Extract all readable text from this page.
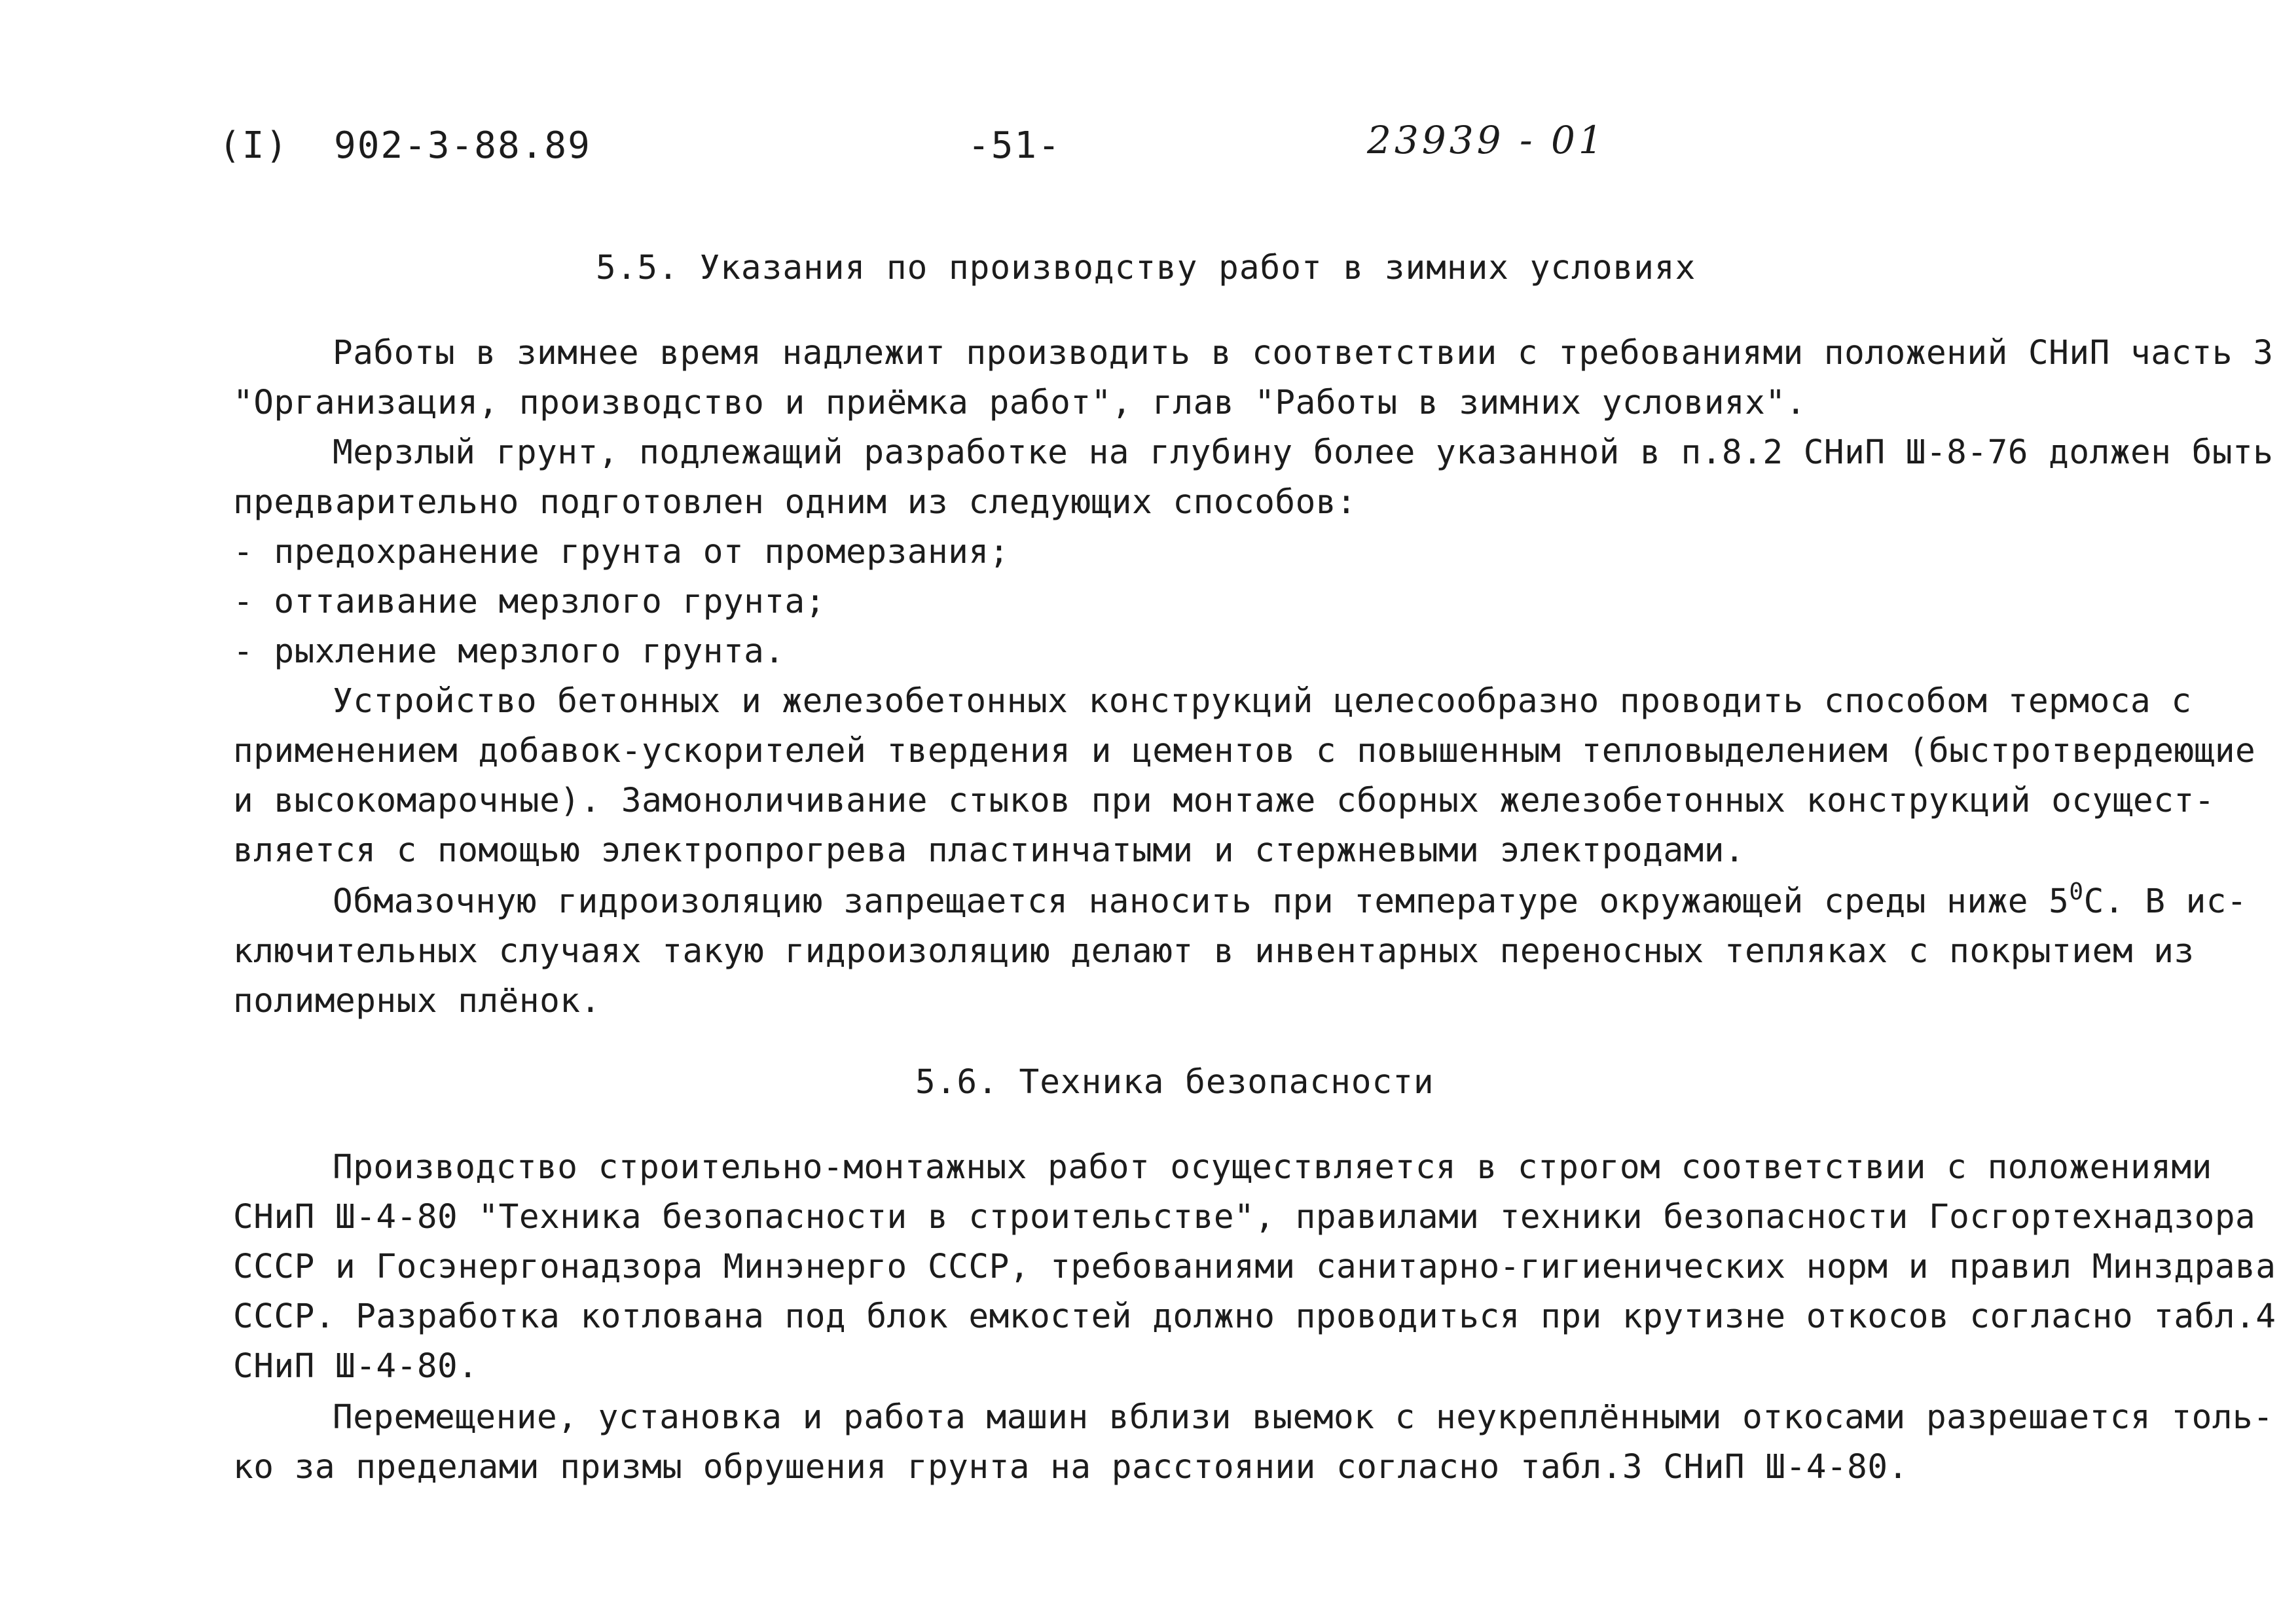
(I) 902-3-88.89	-51-	23939 - 01
5.5. Указания по производству работ в зимних условиях
Работы в зимнее время надлежит производить в соответствии с требованиями положений СНиП часть 3
"Организация, производство и приёмка работ", глав "Работы в зимних условиях".
Мерзлый грунт, подлежащий разработке на глубину более указанной в п.8.2 СНиП Ш-8-76 должен быть
предварительно подготовлен одним из следующих способов:
- предохранение грунта от промерзания;
- оттаивание мерзлого грунта;
- рыхление мерзлого грунта.
Устройство бетонных и железобетонных конструкций целесообразно проводить способом термоса с
применением добавок-ускорителей твердения и цементов с повышенным тепловыделением (быстротвердеющие
и высокомарочные). Замоноличивание стыков при монтаже сборных железобетонных конструкций осущест-
вляется с помощью электропрогрева пластинчатыми и стержневыми электродами.
Обмазочную гидроизоляцию запрещается наносить при температуре окружающей среды ниже $5^0С$. В ис-
ключительных случаях такую гидроизоляцию делают в инвентарных переносных тепляках с покрытием из
полимерных плёнок.
5.6. Техника безопасности
Производство строительно-монтажных работ осуществляется в строгом соответствии с положениями
СНиП Ш-4-80 "Техника безопасности в строительстве", правилами техники безопасности Госгортехнадзора
СССР и Госэнергонадзора Минэнерго СССР, требованиями санитарно-гигиенических норм и правил Минздрава
СССР. Разработка котлована под блок емкостей должно проводиться при крутизне откосов согласно табл.4
СНиП Ш-4-80.
Перемещение, установка и работа машин вблизи выемок с неукреплёнными откосами разрешается толь-
ко за пределами призмы обрушения грунта на расстоянии согласно табл.3 СНиП Ш-4-80.
